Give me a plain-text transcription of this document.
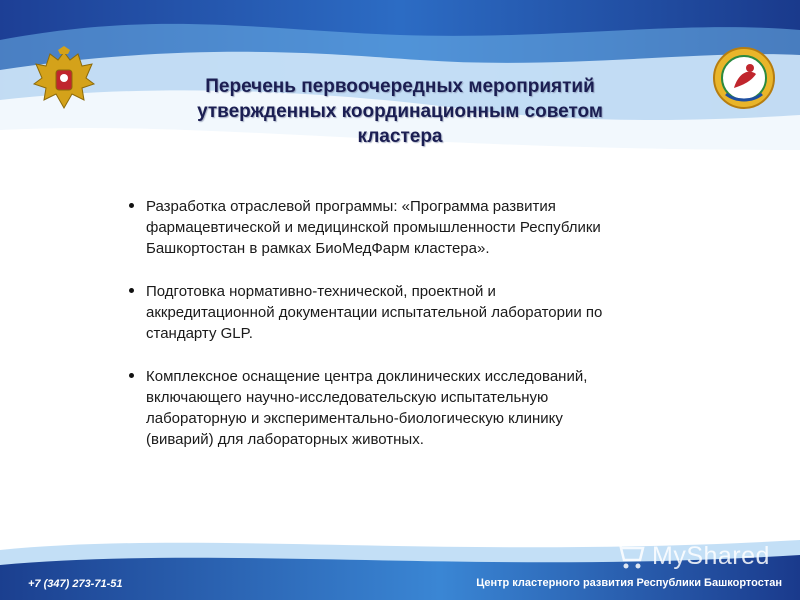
Перечень первоочередных мероприятий
утвержденных координационным советом
кластера
Разработка отраслевой программы: «Программа развития
фармацевтической и медицинской промышленности Республики
Башкортостан в рамках БиоМедФарм кластера».
Подготовка нормативно-технической, проектной и
аккредитационной документации испытательной лаборатории по
стандарту GLP.
Комплексное оснащение центра доклинических исследований,
включающего научно-исследовательскую испытательную
лабораторную и экспериментально-биологическую клинику
(виварий) для лабораторных животных.
MyShared
+7 (347) 273-71-51	Центр кластерного развития Республики Башкортостан
